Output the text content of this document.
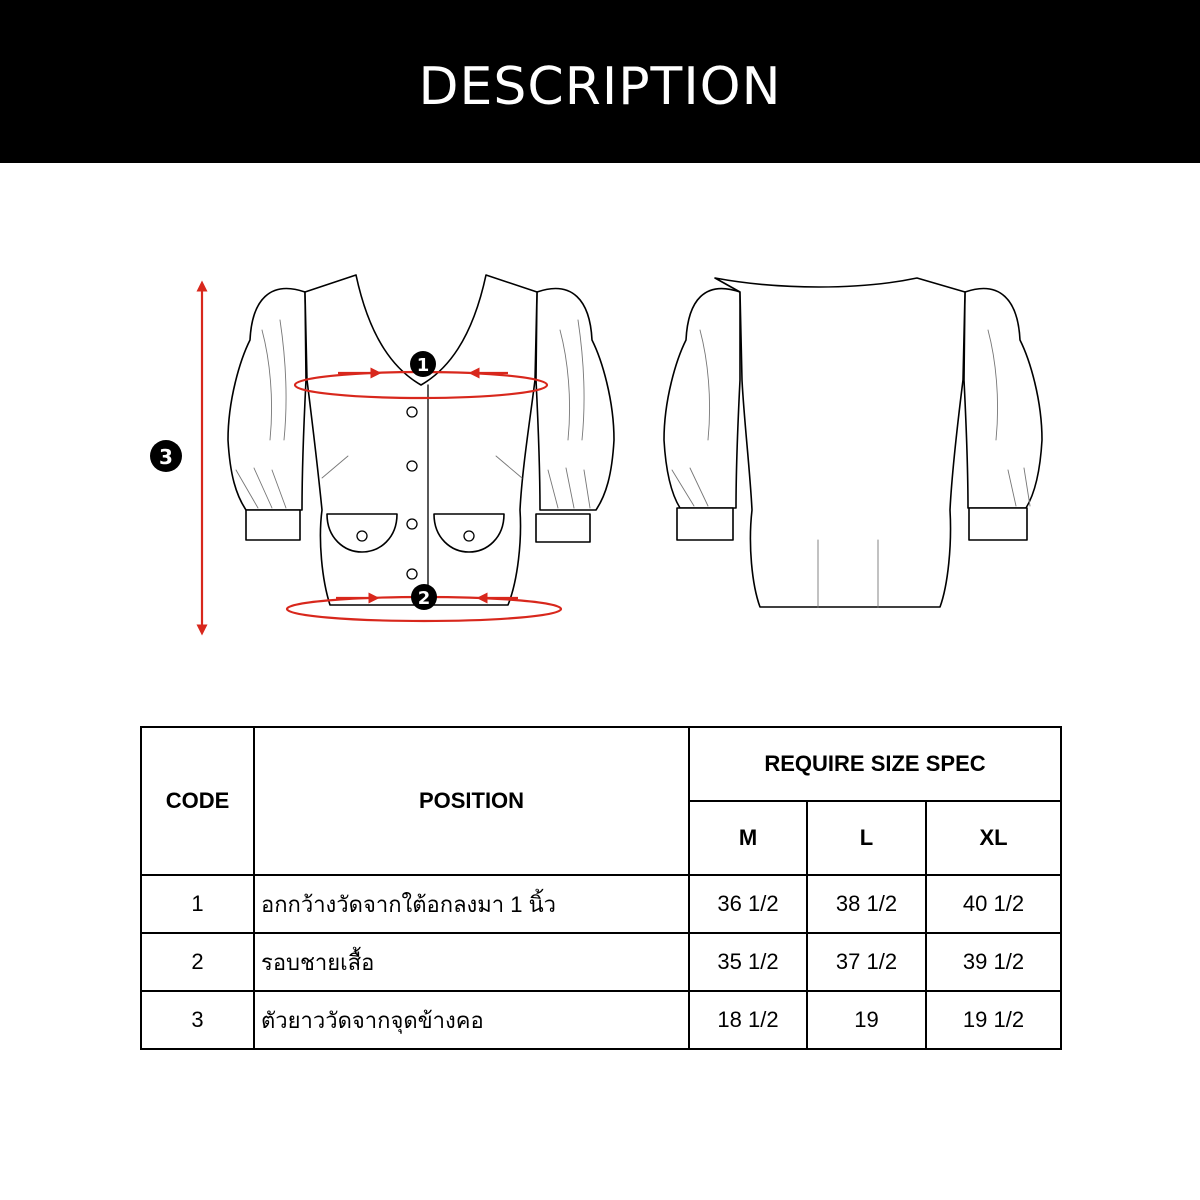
DESCRIPTION
1
2
3
CODE	POSITION	REQUIRE SIZE SPEC		
		M	L	XL
1	อกกว้างวัดจากใต้อกลงมา 1 นิ้ว	36 1/2	38 1/2	40 1/2
2	รอบชายเสื้อ	35 1/2	37 1/2	39 1/2
3	ตัวยาววัดจากจุดข้างคอ	18 1/2	19	19 1/2
